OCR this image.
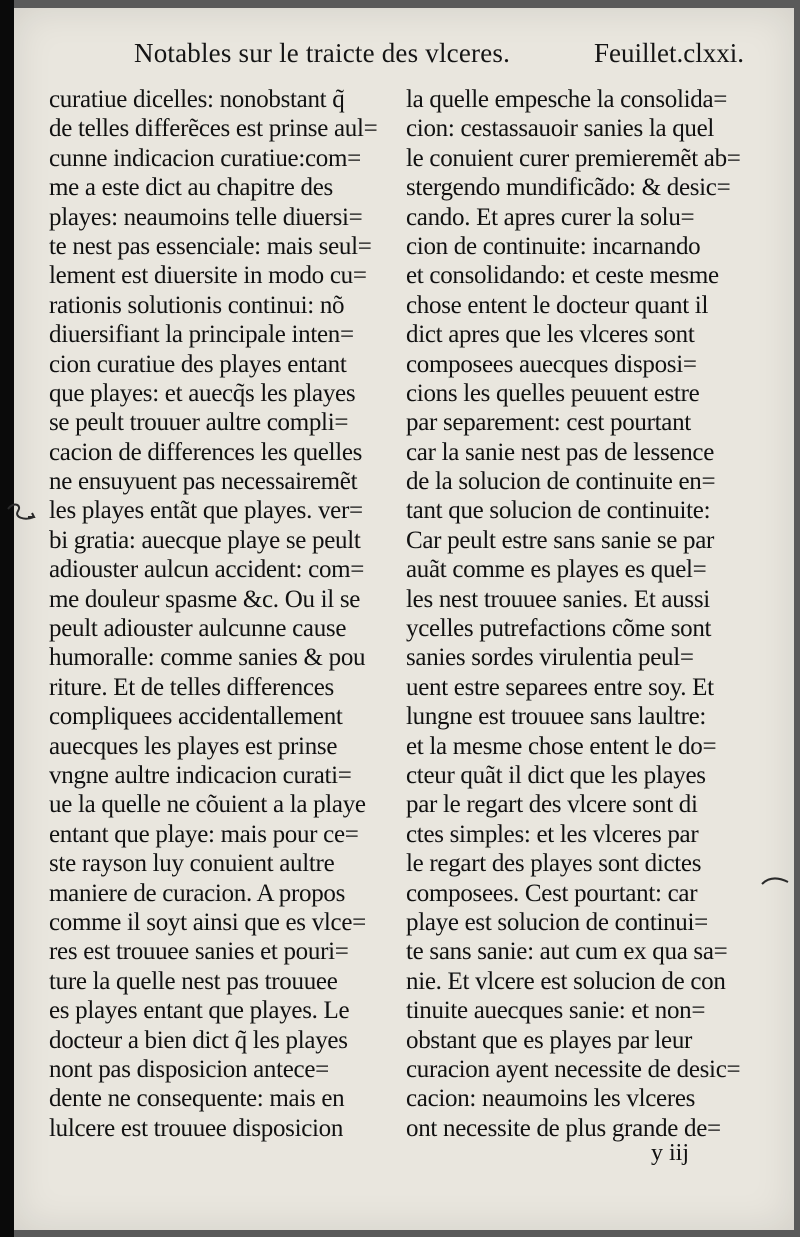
Notables sur le traicte des vlceres.	Feuillet.clxxi.
curatiue dicelles: nonobstant q̃
de telles differẽces est prinse aul=
cunne indicacion curatiue:com=
me a este dict au chapitre des
playes: neaumoins telle diuersi=
te nest pas essenciale: mais seul=
lement est diuersite in modo cu=
rationis solutionis continui: nõ
diuersifiant la principale inten=
cion curatiue des playes entant
que playes: et auecq̃s les playes
se peult trouuer aultre compli=
cacion de differences les quelles
ne ensuyuent pas necessairemẽt
les playes entãt que playes. ver=
bi gratia: auecque playe se peult
adiouster aulcun accident: com=
me douleur spasme &c. Ou il se
peult adiouster aulcunne cause
humoralle: comme sanies & pou
riture. Et de telles differences
compliquees accidentallement
auecques les playes est prinse
vngne aultre indicacion curati=
ue la quelle ne cõuient a la playe
entant que playe: mais pour ce=
ste rayson luy conuient aultre
maniere de curacion. A propos
comme il soyt ainsi que es vlce=
res est trouuee sanies et pouri=
ture la quelle nest pas trouuee
es playes entant que playes. Le
docteur a bien dict q̃ les playes
nont pas disposicion antece=
dente ne consequente: mais en
lulcere est trouuee disposicion
la quelle empesche la consolida=
cion: cestassauoir sanies la quel
le conuient curer premieremẽt ab=
stergendo mundificãdo: & desic=
cando. Et apres curer la solu=
cion de continuite: incarnando
et consolidando: et ceste mesme
chose entent le docteur quant il
dict apres que les vlceres sont
composees auecques disposi=
cions les quelles peuuent estre
par separement: cest pourtant
car la sanie nest pas de lessence
de la solucion de continuite en=
tant que solucion de continuite:
Car peult estre sans sanie se par
auãt comme es playes es quel=
les nest trouuee sanies. Et aussi
ycelles putrefactions cõme sont
sanies sordes virulentia peul=
uent estre separees entre soy. Et
lungne est trouuee sans laultre:
et la mesme chose entent le do=
cteur quãt il dict que les playes
par le regart des vlcere sont di
ctes simples: et les vlceres par
le regart des playes sont dictes
composees. Cest pourtant: car
playe est solucion de continui=
te sans sanie: aut cum ex qua sa=
nie. Et vlcere est solucion de con
tinuite auecques sanie: et non=
obstant que es playes par leur
curacion ayent necessite de desic=
cacion: neaumoins les vlceres
ont necessite de plus grande de=
y iij
